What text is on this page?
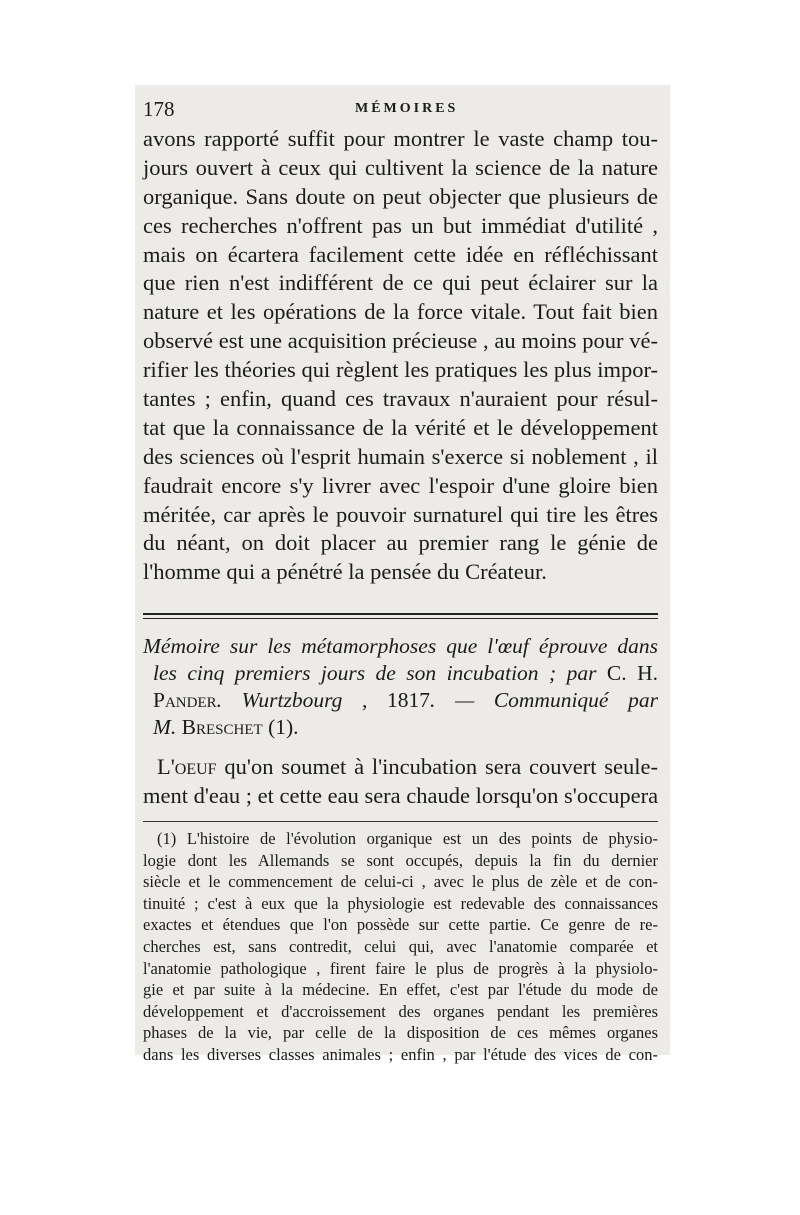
178	MÉMOIRES
avons rapporté suffit pour montrer le vaste champ tou-
jours ouvert à ceux qui cultivent la science de la nature
organique. Sans doute on peut objecter que plusieurs de
ces recherches n'offrent pas un but immédiat d'utilité ,
mais on écartera facilement cette idée en réfléchissant
que rien n'est indifférent de ce qui peut éclairer sur la
nature et les opérations de la force vitale. Tout fait bien
observé est une acquisition précieuse , au moins pour vé-
rifier les théories qui règlent les pratiques les plus impor-
tantes ; enfin, quand ces travaux n'auraient pour résul-
tat que la connaissance de la vérité et le développement
des sciences où l'esprit humain s'exerce si noblement , il
faudrait encore s'y livrer avec l'espoir d'une gloire bien
méritée, car après le pouvoir surnaturel qui tire les êtres
du néant, on doit placer au premier rang le génie de
l'homme qui a pénétré la pensée du Créateur.
Mémoire sur les métamorphoses que l'œuf éprouve dans
les cinq premiers jours de son incubation ; par C. H.
Pander. Wurtzbourg , 1817. — Communiqué par
M. Breschet (1).
L'oeuf qu'on soumet à l'incubation sera couvert seule-
ment d'eau ; et cette eau sera chaude lorsqu'on s'occupera
(1) L'histoire de l'évolution organique est un des points de physio-
logie dont les Allemands se sont occupés, depuis la fin du dernier
siècle et le commencement de celui-ci , avec le plus de zèle et de con-
tinuité ; c'est à eux que la physiologie est redevable des connaissances
exactes et étendues que l'on possède sur cette partie. Ce genre de re-
cherches est, sans contredit, celui qui, avec l'anatomie comparée et
l'anatomie pathologique , firent faire le plus de progrès à la physiolo-
gie et par suite à la médecine. En effet, c'est par l'étude du mode de
développement et d'accroissement des organes pendant les premières
phases de la vie, par celle de la disposition de ces mêmes organes
dans les diverses classes animales ; enfin , par l'étude des vices de con-
